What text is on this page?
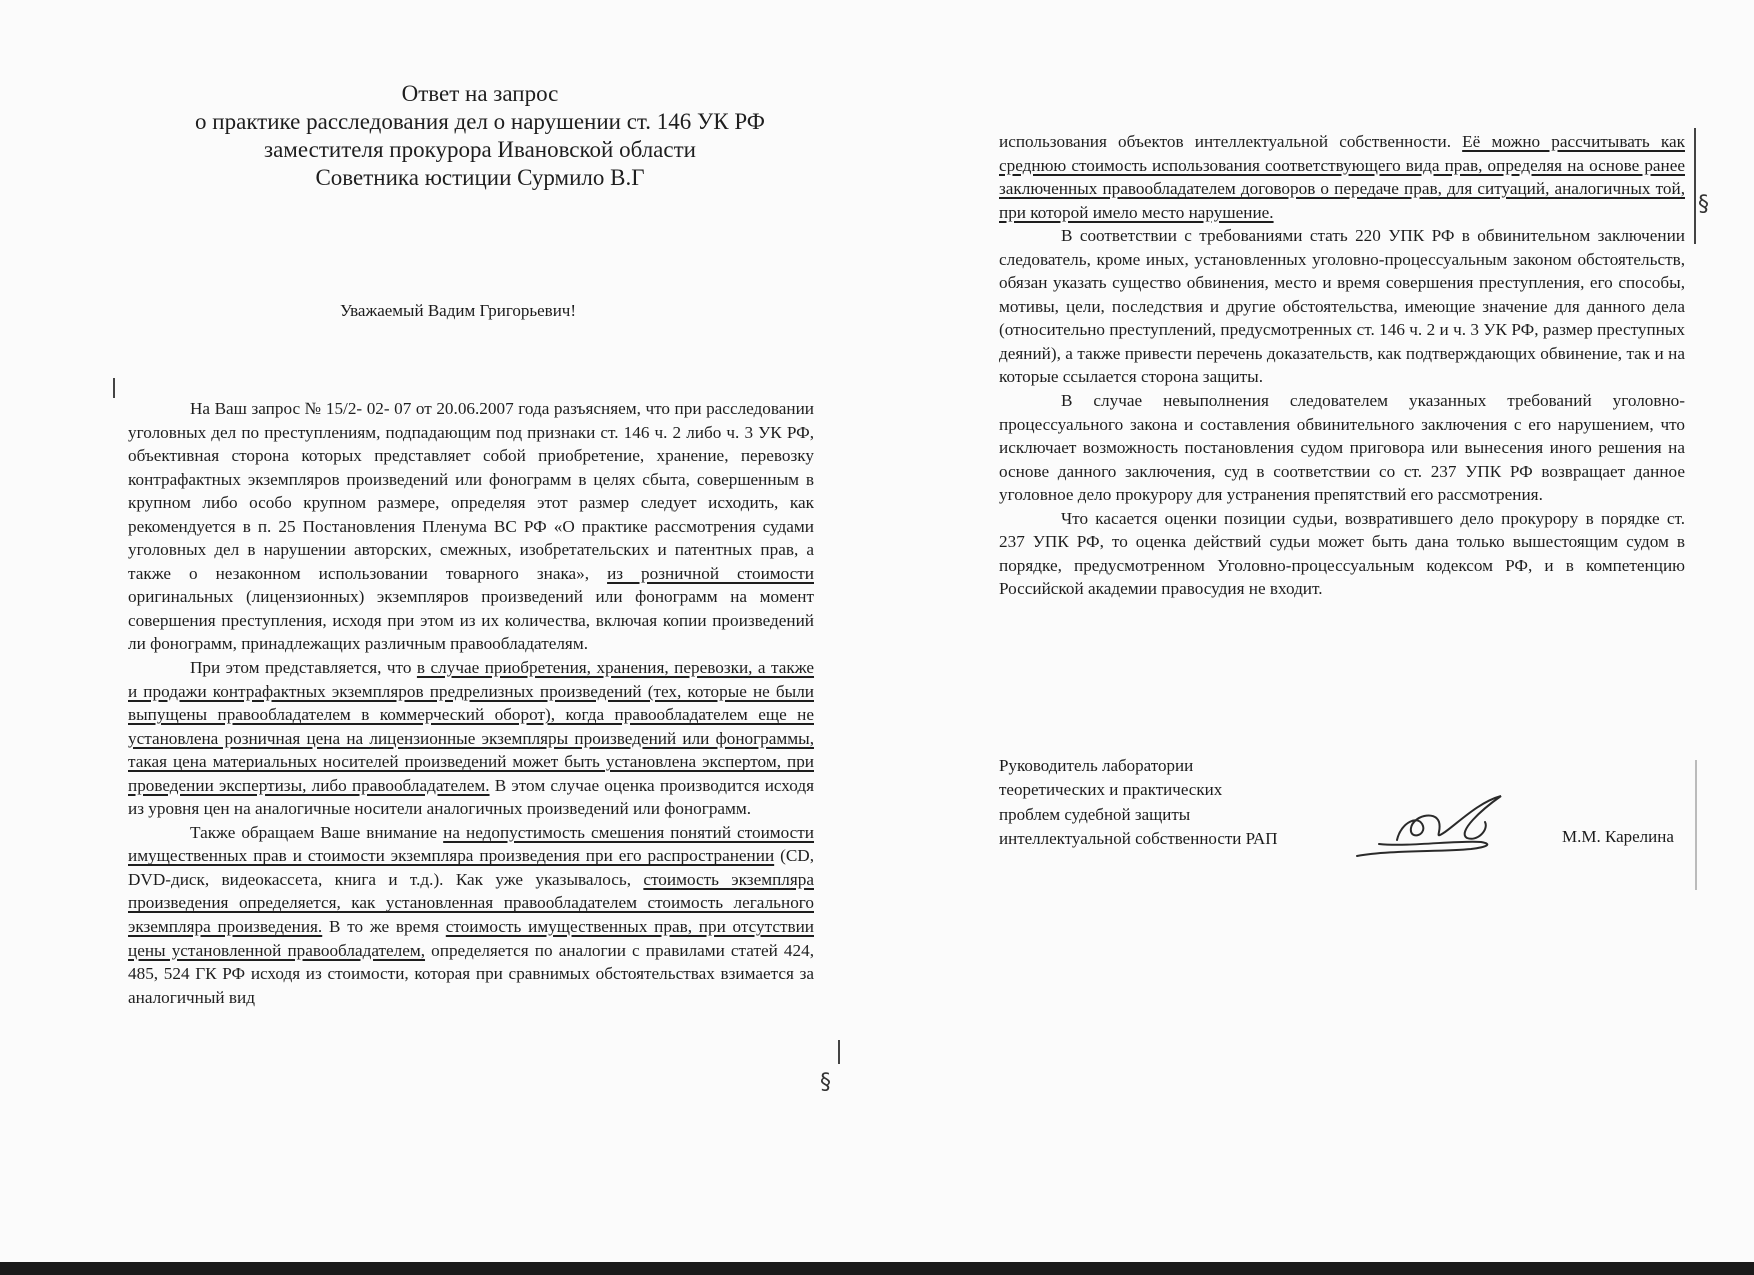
Ответ на запрос
о практике расследования дел о нарушении ст. 146 УК РФ
заместителя прокурора Ивановской области
Советника юстиции Сурмило В.Г
Уважаемый Вадим Григорьевич!

На Ваш запрос № 15/2- 02- 07 от 20.06.2007 года разъясняем, что при расследовании уголовных дел по преступлениям, подпадающим под признаки ст. 146 ч. 2 либо ч. 3 УК РФ, объективная сторона которых представляет собой приобретение, хранение, перевозку контрафактных экземпляров произведений или фонограмм в целях сбыта, совершенным в крупном либо особо крупном размере, определяя этот размер следует исходить, как рекомендуется в п. 25 Постановления Пленума ВС РФ «О практике рассмотрения судами уголовных дел в нарушении авторских, смежных, изобретательских и патентных прав, а также о незаконном использовании товарного знака», из розничной стоимости оригинальных (лицензионных) экземпляров произведений или фонограмм на момент совершения преступления, исходя при этом из их количества, включая копии произведений ли фонограмм, принадлежащих различным правообладателям.

При этом представляется, что в случае приобретения, хранения, перевозки, а также и продажи контрафактных экземпляров предрелизных произведений (тех, которые не были выпущены правообладателем в коммерческий оборот), когда правообладателем еще не установлена розничная цена на лицензионные экземпляры произведений или фонограммы, такая цена материальных носителей произведений может быть установлена экспертом, при проведении экспертизы, либо правообладателем. В этом случае оценка производится исходя из уровня цен на аналогичные носители аналогичных произведений или фонограмм.

Также обращаем Ваше внимание на недопустимость смешения понятий стоимости имущественных прав и стоимости экземпляра произведения при его распространении (CD, DVD-диск, видеокассета, книга и т.д.). Как уже указывалось, стоимость экземпляра произведения определяется, как установленная правообладателем стоимость легального экземпляра произведения. В то же время стоимость имущественных прав, при отсутствии цены установленной правообладателем, определяется по аналогии с правилами статей 424, 485, 524 ГК РФ исходя из стоимости, которая при сравнимых обстоятельствах взимается за аналогичный вид

§

использования объектов интеллектуальной собственности. Её можно рассчитывать как среднюю стоимость использования соответствующего вида прав, определяя на основе ранее заключенных правообладателем договоров о передаче прав, для ситуаций, аналогичных той, при которой имело место нарушение.

В соответствии с требованиями стать 220 УПК РФ в обвинительном заключении следователь, кроме иных, установленных уголовно-процессуальным законом обстоятельств, обязан указать существо обвинения, место и время совершения преступления, его способы, мотивы, цели, последствия и другие обстоятельства, имеющие значение для данного дела (относительно преступлений, предусмотренных ст. 146 ч. 2 и ч. 3 УК РФ, размер преступных деяний), а также привести перечень доказательств, как подтверждающих обвинение, так и на которые ссылается сторона защиты.

В случае невыполнения следователем указанных требований уголовно-процессуального закона и составления обвинительного заключения с его нарушением, что исключает возможность постановления судом приговора или вынесения иного решения на основе данного заключения, суд в соответствии со ст. 237 УПК РФ возвращает данное уголовное дело прокурору для устранения препятствий его рассмотрения.

Что касается оценки позиции судьи, возвратившего дело прокурору в порядке ст. 237 УПК РФ, то оценка действий судьи может быть дана только вышестоящим судом в порядке, предусмотренном Уголовно-процессуальным кодексом РФ, и в компетенцию Российской академии правосудия не входит.

§
Руководитель лаборатории
теоретических и практических
проблем судебной защиты
интеллектуальной собственности РАП	М.М. Карелина
